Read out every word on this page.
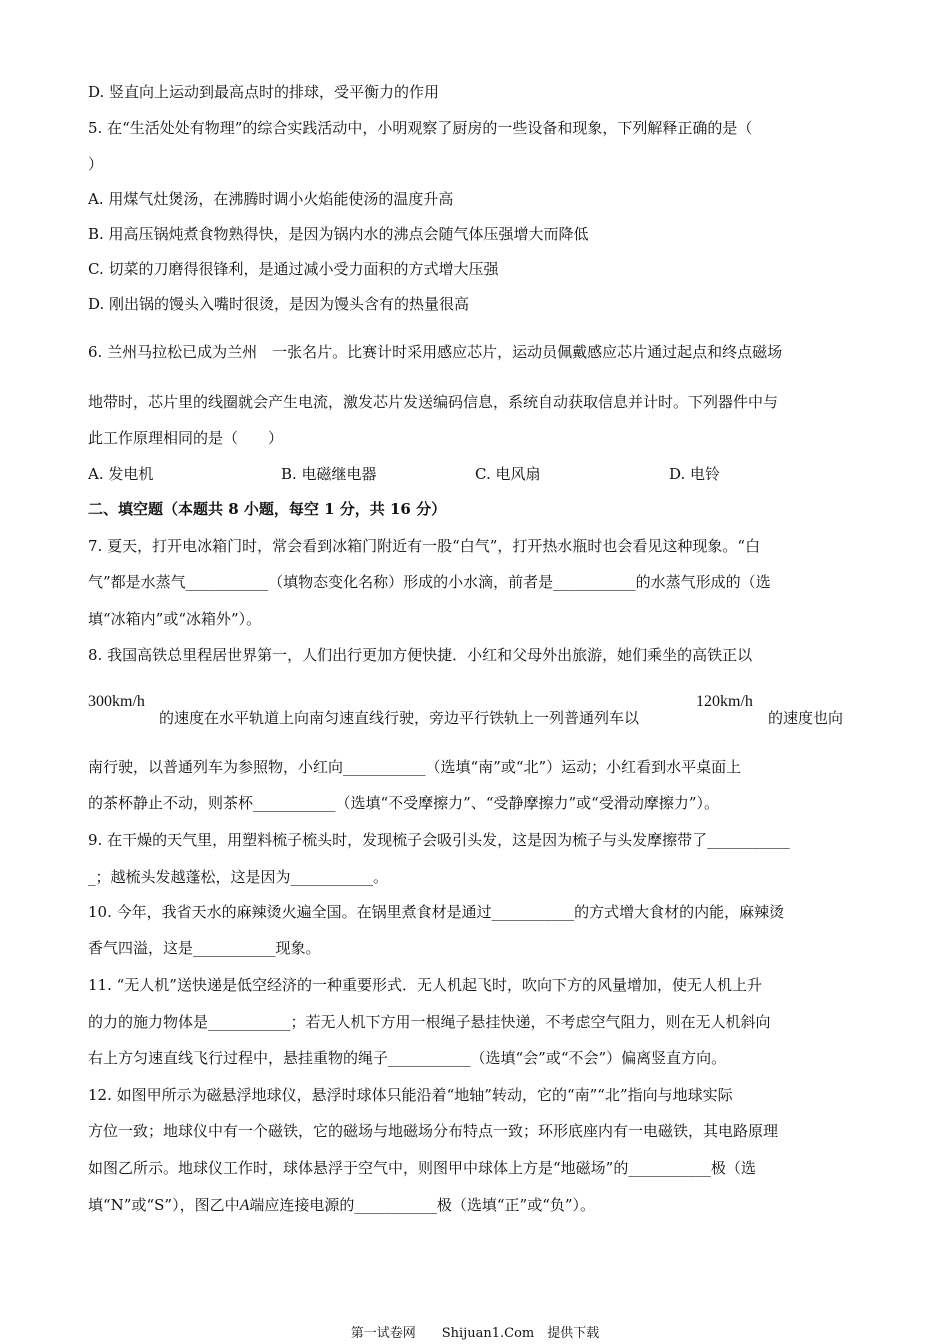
D. 竖直向上运动到最高点时的排球，受平衡力的作用
5. 在“生活处处有物理”的综合实践活动中，小明观察了厨房的一些设备和现象，下列解释正确的是（
）
A. 用煤气灶煲汤，在沸腾时调小火焰能使汤的温度升高
B. 用高压锅炖煮食物熟得快，是因为锅内水的沸点会随气体压强增大而降低
C. 切菜的刀磨得很锋利，是通过减小受力面积的方式增大压强
D. 刚出锅的馒头入嘴时很烫，是因为馒头含有的热量很高
6. 兰州马拉松已成为兰州　一张名片。比赛计时采用感应芯片，运动员佩戴感应芯片通过起点和终点磁场
地带时，芯片里的线圈就会产生电流，激发芯片发送编码信息，系统自动获取信息并计时。下列器件中与
此工作原理相同的是（　　）
A. 发电机	B. 电磁继电器	C. 电风扇	D. 电铃
二、填空题（本题共 8 小题，每空 1 分，共 16 分）
7. 夏天，打开电冰箱门时，常会看到冰箱门附近有一股“白气”，打开热水瓶时也会看见这种现象。“白
气”都是水蒸气___________（填物态变化名称）形成的小水滴，前者是___________的水蒸气形成的（选
填“冰箱内”或“冰箱外”）。
8. 我国高铁总里程居世界第一，人们出行更加方便快捷．小红和父母外出旅游，她们乘坐的高铁正以
300km/h
的速度在水平轨道上向南匀速直线行驶，旁边平行铁轨上一列普通列车以
120km/h
的速度也向
南行驶，以普通列车为参照物，小红向___________（选填“南”或“北”）运动；小红看到水平桌面上
的茶杯静止不动，则茶杯___________（选填“不受摩擦力”、“受静摩擦力”或“受滑动摩擦力”）。
9. 在干燥的天气里，用塑料梳子梳头时，发现梳子会吸引头发，这是因为梳子与头发摩擦带了___________
_；越梳头发越蓬松，这是因为___________。
10. 今年，我省天水的麻辣烫火遍全国。在锅里煮食材是通过___________的方式增大食材的内能，麻辣烫
香气四溢，这是___________现象。
11. “无人机”送快递是低空经济的一种重要形式．无人机起飞时，吹向下方的风量增加，使无人机上升
的力的施力物体是___________；若无人机下方用一根绳子悬挂快递，不考虑空气阻力，则在无人机斜向
右上方匀速直线飞行过程中，悬挂重物的绳子___________（选填“会”或“不会”）偏离竖直方向。
12. 如图甲所示为磁悬浮地球仪，悬浮时球体只能沿着“地轴”转动，它的“南”“北”指向与地球实际
方位一致；地球仪中有一个磁铁，它的磁场与地磁场分布特点一致；环形底座内有一电磁铁，其电路原理
如图乙所示。地球仪工作时，球体悬浮于空气中，则图甲中球体上方是“地磁场”的___________极（选
填“N”或“S”），图乙中A端应连接电源的___________极（选填“正”或“负”）。
第一试卷网　　Shijuan1.Com　提供下载
